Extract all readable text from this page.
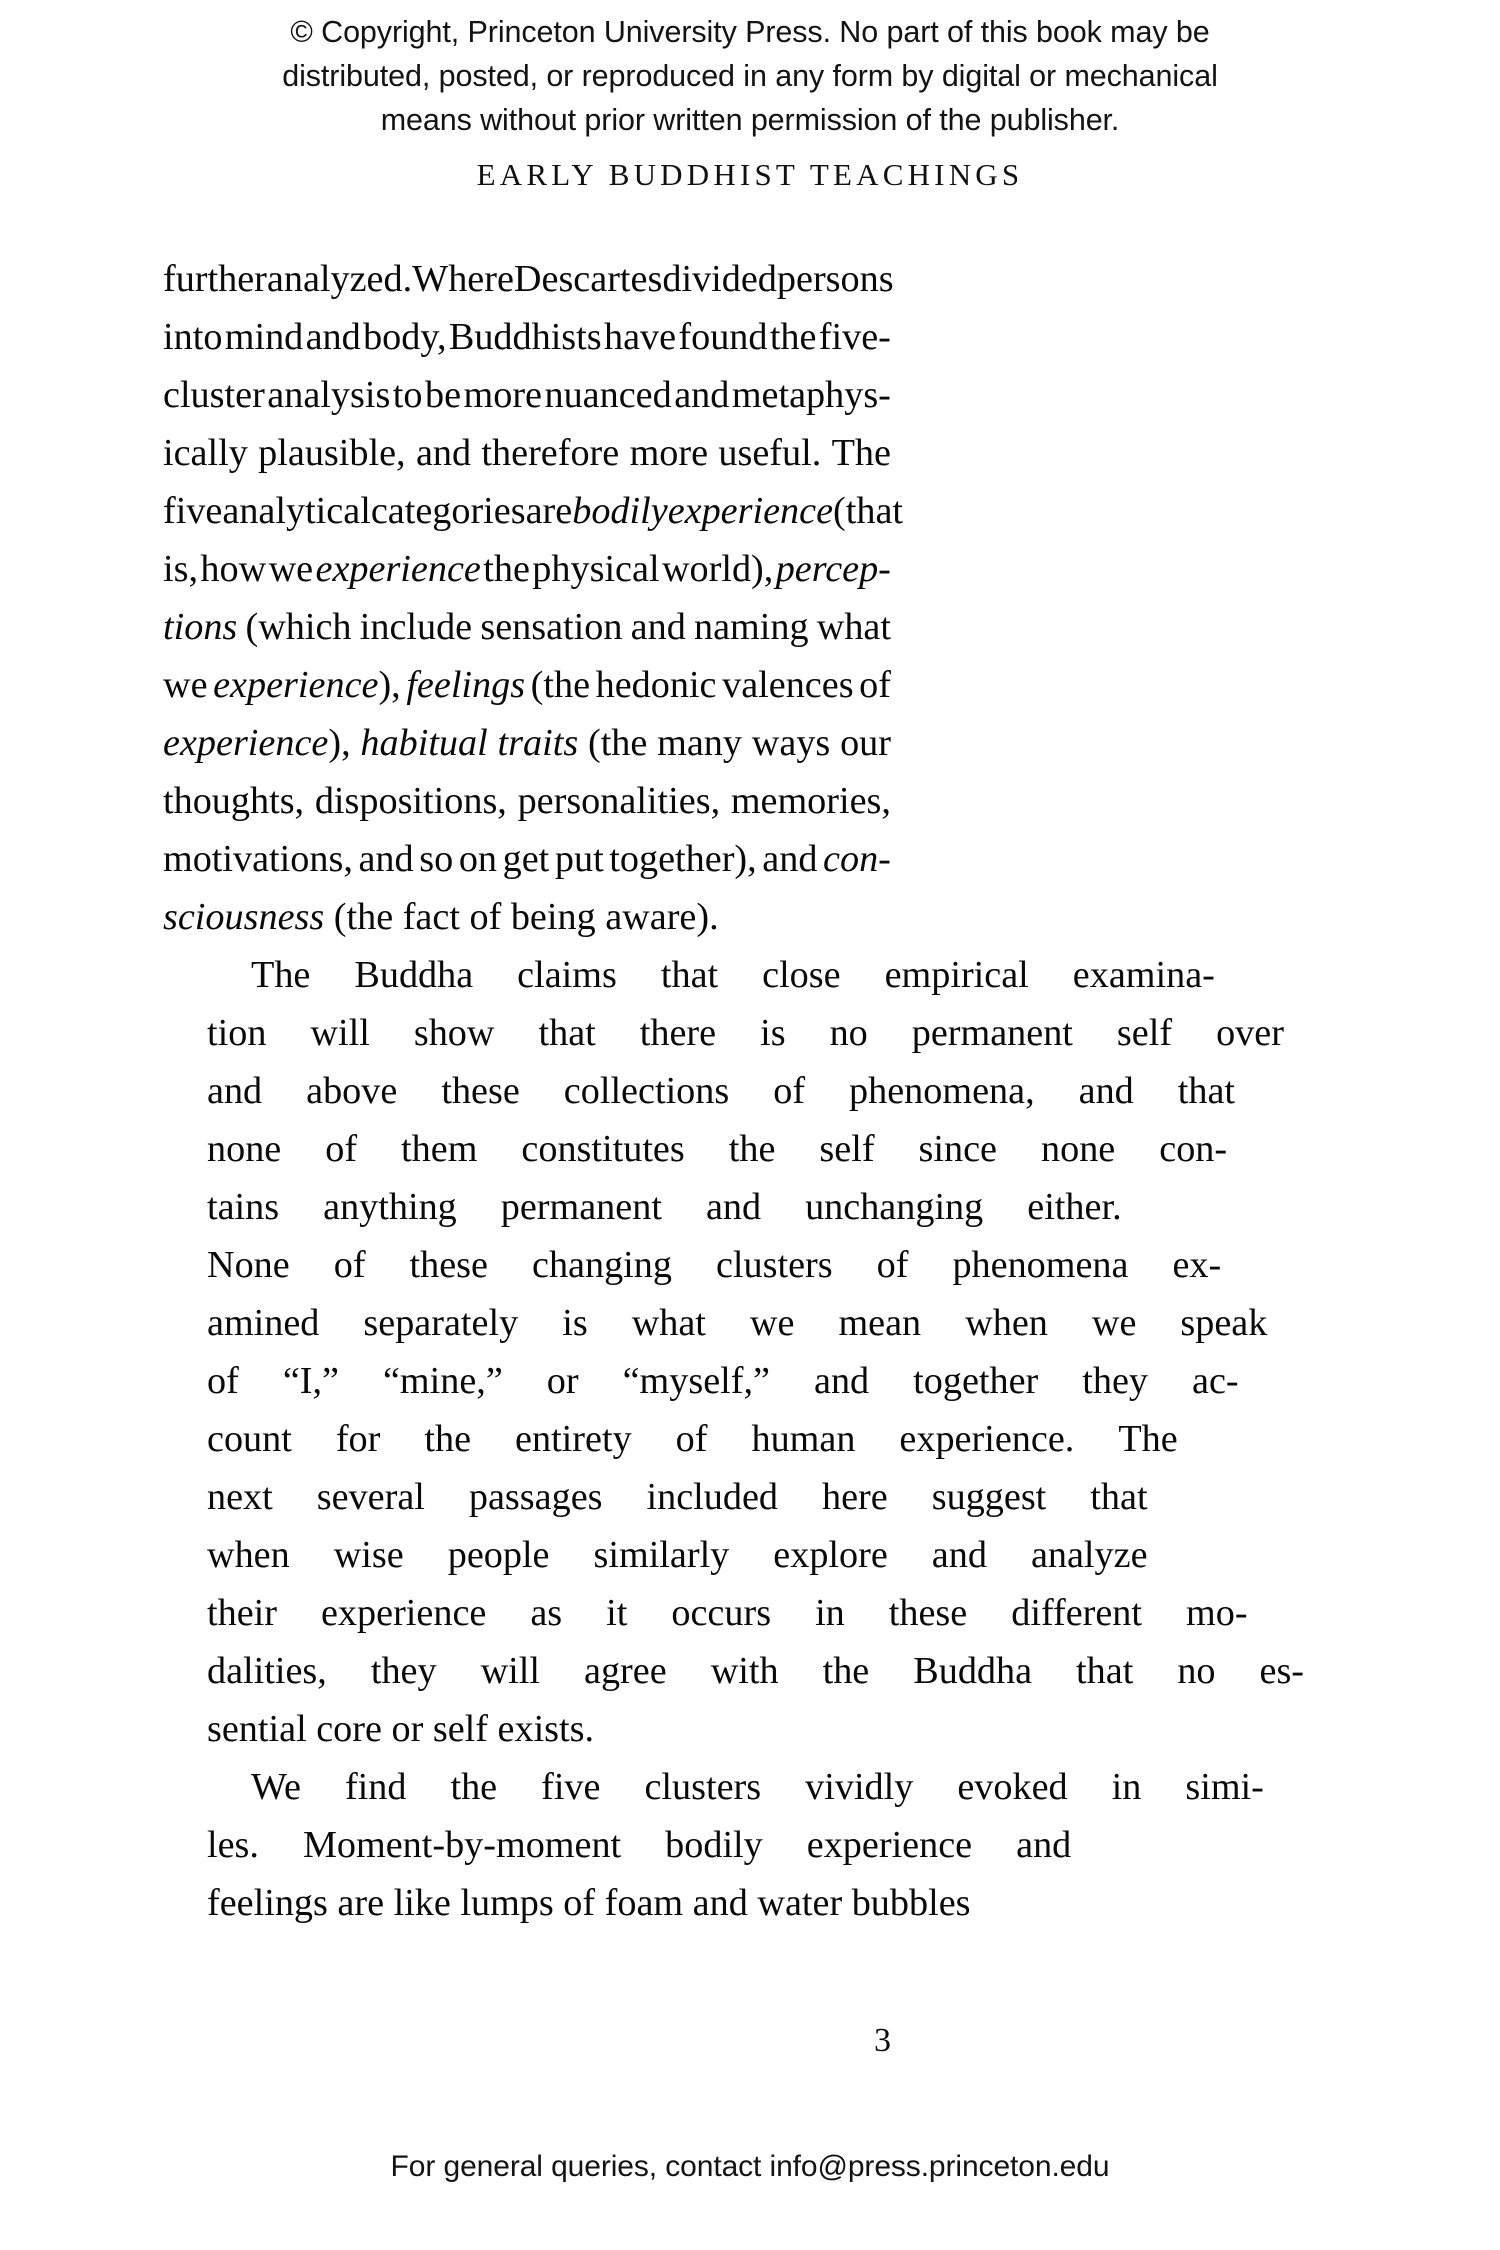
© Copyright, Princeton University Press. No part of this book may be
distributed, posted, or reproduced in any form by digital or mechanical
means without prior written permission of the publisher.
EARLY BUDDHIST TEACHINGS

further analyzed. Where Descartes divided persons
into mind and body, Buddhists have found the five-
cluster analysis to be more nuanced and metaphys-
ically plausible, and therefore more useful. The
five analytical categories are bodily experience (that
is, how we experience the physical world), percep-
tions (which include sensation and naming what
we experience), feelings (the hedonic valences of
experience), habitual traits (the many ways our
thoughts, dispositions, personalities, memories,
motivations, and so on get put together), and con-
sciousness (the fact of being aware).

The	Buddha	claims	that	close	empirical	examina-
tion	will	show	that	there	is	no	permanent	self	over
and	above	these	collections	of	phenomena,	and	that
none	of	them	constitutes	the	self	since	none	con-
tains	anything	permanent	and	unchanging	either.
None	of	these	changing	clusters	of	phenomena	ex-
amined	separately	is	what	we	mean	when	we	speak
of	“I,”	“mine,”	or	“myself,”	and	together	they	ac-
count	for	the	entirety	of	human	experience.	The
next	several	passages	included	here	suggest	that
when	wise	people	similarly	explore	and	analyze
their	experience	as	it	occurs	in	these	different	mo-
dalities,	they	will	agree	with	the	Buddha	that	no	es-
sential core or self exists.

We	find	the	five	clusters	vividly	evoked	in	simi-
les.	Moment-by-moment	bodily	experience	and
feelings are like lumps of foam and water bubbles

3
For general queries, contact info@press.princeton.edu
